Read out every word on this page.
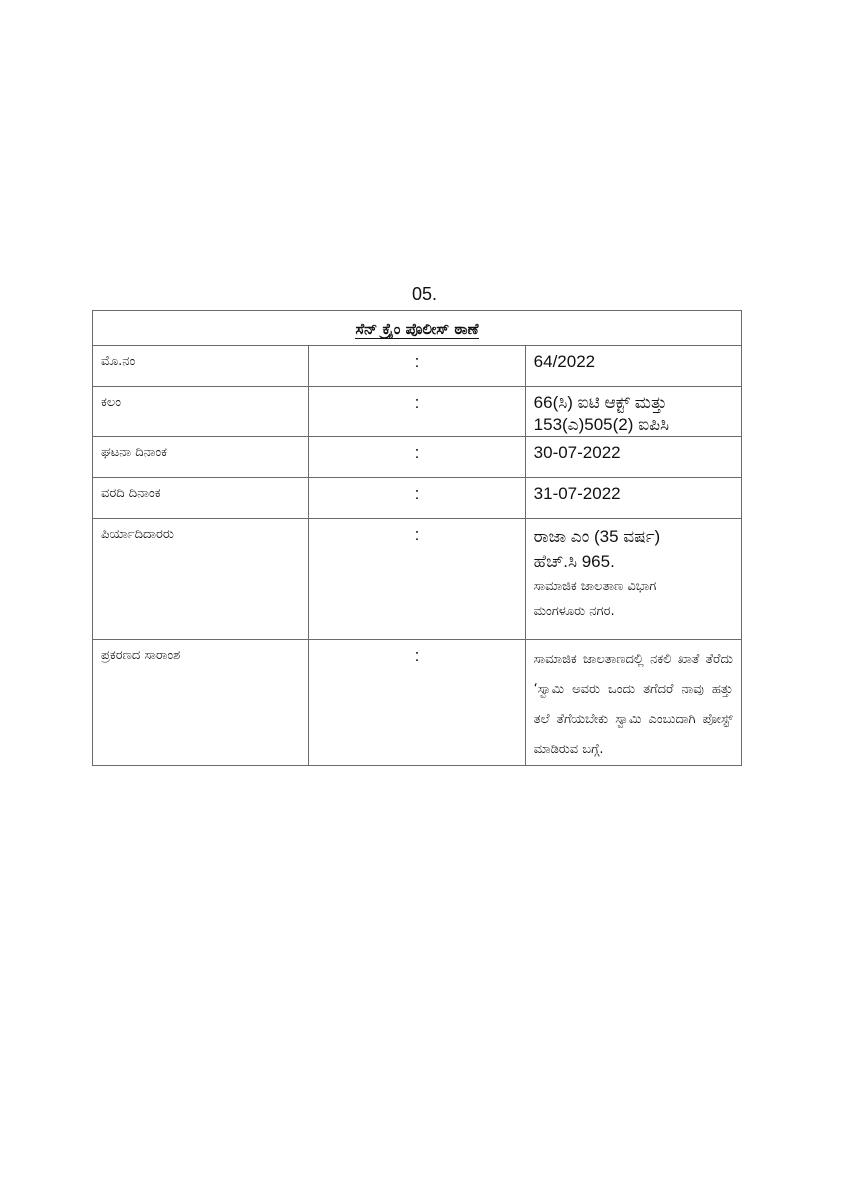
05.
ಸೆನ್ ಕ್ರೈಂ ಪೊಲೀಸ್ ಠಾಣೆ		
ಮೊ.ನಂ	:	64/2022

ಕಲಂ	:	66(ಸಿ) ಐಟಿ ಆಕ್ಟ್ ಮತ್ತು 153(ಎ)505(2) ಐಪಿಸಿ

ಘಟನಾ ದಿನಾಂಕ	:	30-07-2022

ವರದಿ ದಿನಾಂಕ	:	31-07-2022

ಪಿರ್ಯಾದಿದಾರರು	:	ರಾಜಾ ಎಂ (35 ವರ್ಷ)
ಹೆಚ್.ಸಿ 965.
ಸಾಮಾಜಿಕ ಜಾಲತಾಣ ವಿಭಾಗ
ಮಂಗಳೂರು ನಗರ.

ಪ್ರಕರಣದ ಸಾರಾಂಶ	:	ಸಾಮಾಜಿಕ ಜಾಲತಾಣದಲ್ಲಿ ನಕಲಿ ಖಾತೆ ತೆರೆದು ‘ಸ್ವಾಮಿ ಅವರು ಒಂದು ತಗೆದರೆ ನಾವು ಹತ್ತು ತಲೆ ತೆಗೆಯಬೇಕು ಸ್ವಾಮಿ ಎಂಬುದಾಗಿ ಪೋಸ್ಟ್ ಮಾಡಿರುವ ಬಗ್ಗೆ.
